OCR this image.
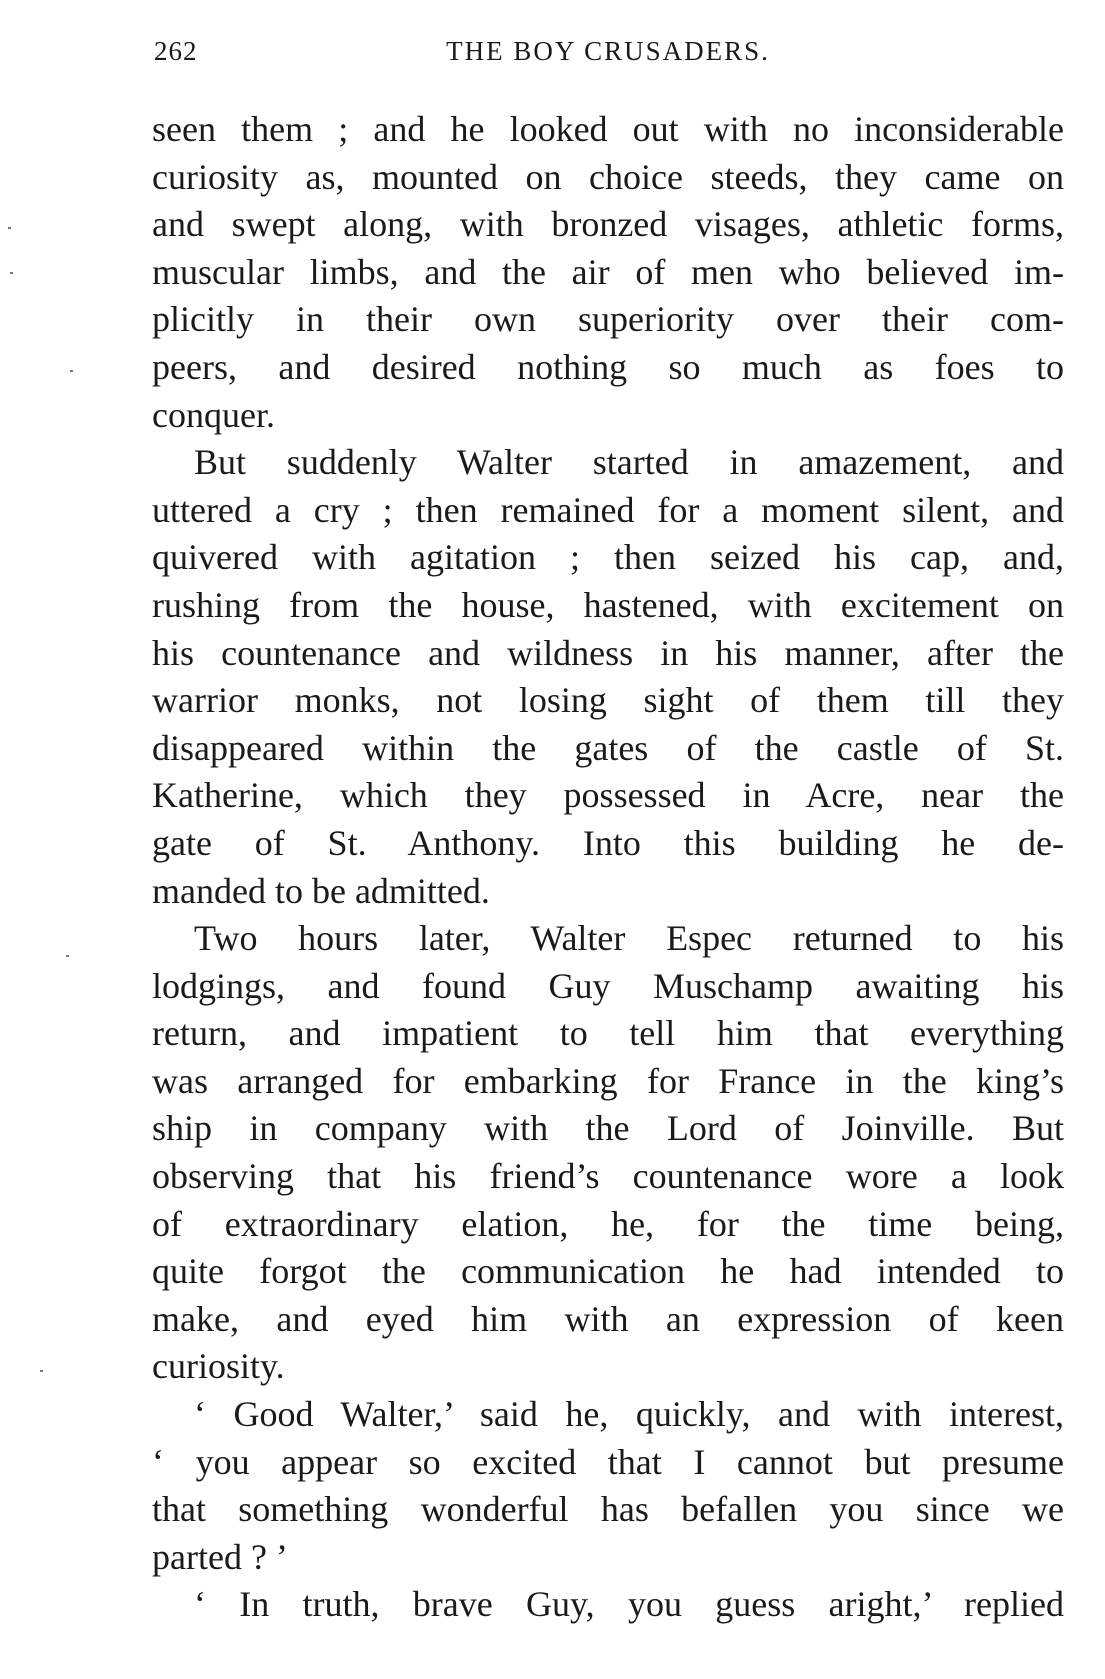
262	THE BOY CRUSADERS.
seen them ; and he looked out with no inconsiderable
curiosity as, mounted on choice steeds, they came on
and swept along, with bronzed visages, athletic forms,
muscular limbs, and the air of men who believed im-
plicitly in their own superiority over their com-
peers, and desired nothing so much as foes to
conquer.
But suddenly Walter started in amazement, and
uttered a cry ; then remained for a moment silent, and
quivered with agitation ; then seized his cap, and,
rushing from the house, hastened, with excitement on
his countenance and wildness in his manner, after the
warrior monks, not losing sight of them till they
disappeared within the gates of the castle of St.
Katherine, which they possessed in Acre, near the
gate of St. Anthony. Into this building he de-
manded to be admitted.
Two hours later, Walter Espec returned to his
lodgings, and found Guy Muschamp awaiting his
return, and impatient to tell him that everything
was arranged for embarking for France in the king’s
ship in company with the Lord of Joinville. But
observing that his friend’s countenance wore a look
of extraordinary elation, he, for the time being,
quite forgot the communication he had intended to
make, and eyed him with an expression of keen
curiosity.
‘ Good Walter,’ said he, quickly, and with interest,
‘ you appear so excited that I cannot but presume
that something wonderful has befallen you since we
parted ? ’
‘ In truth, brave Guy, you guess aright,’ replied
